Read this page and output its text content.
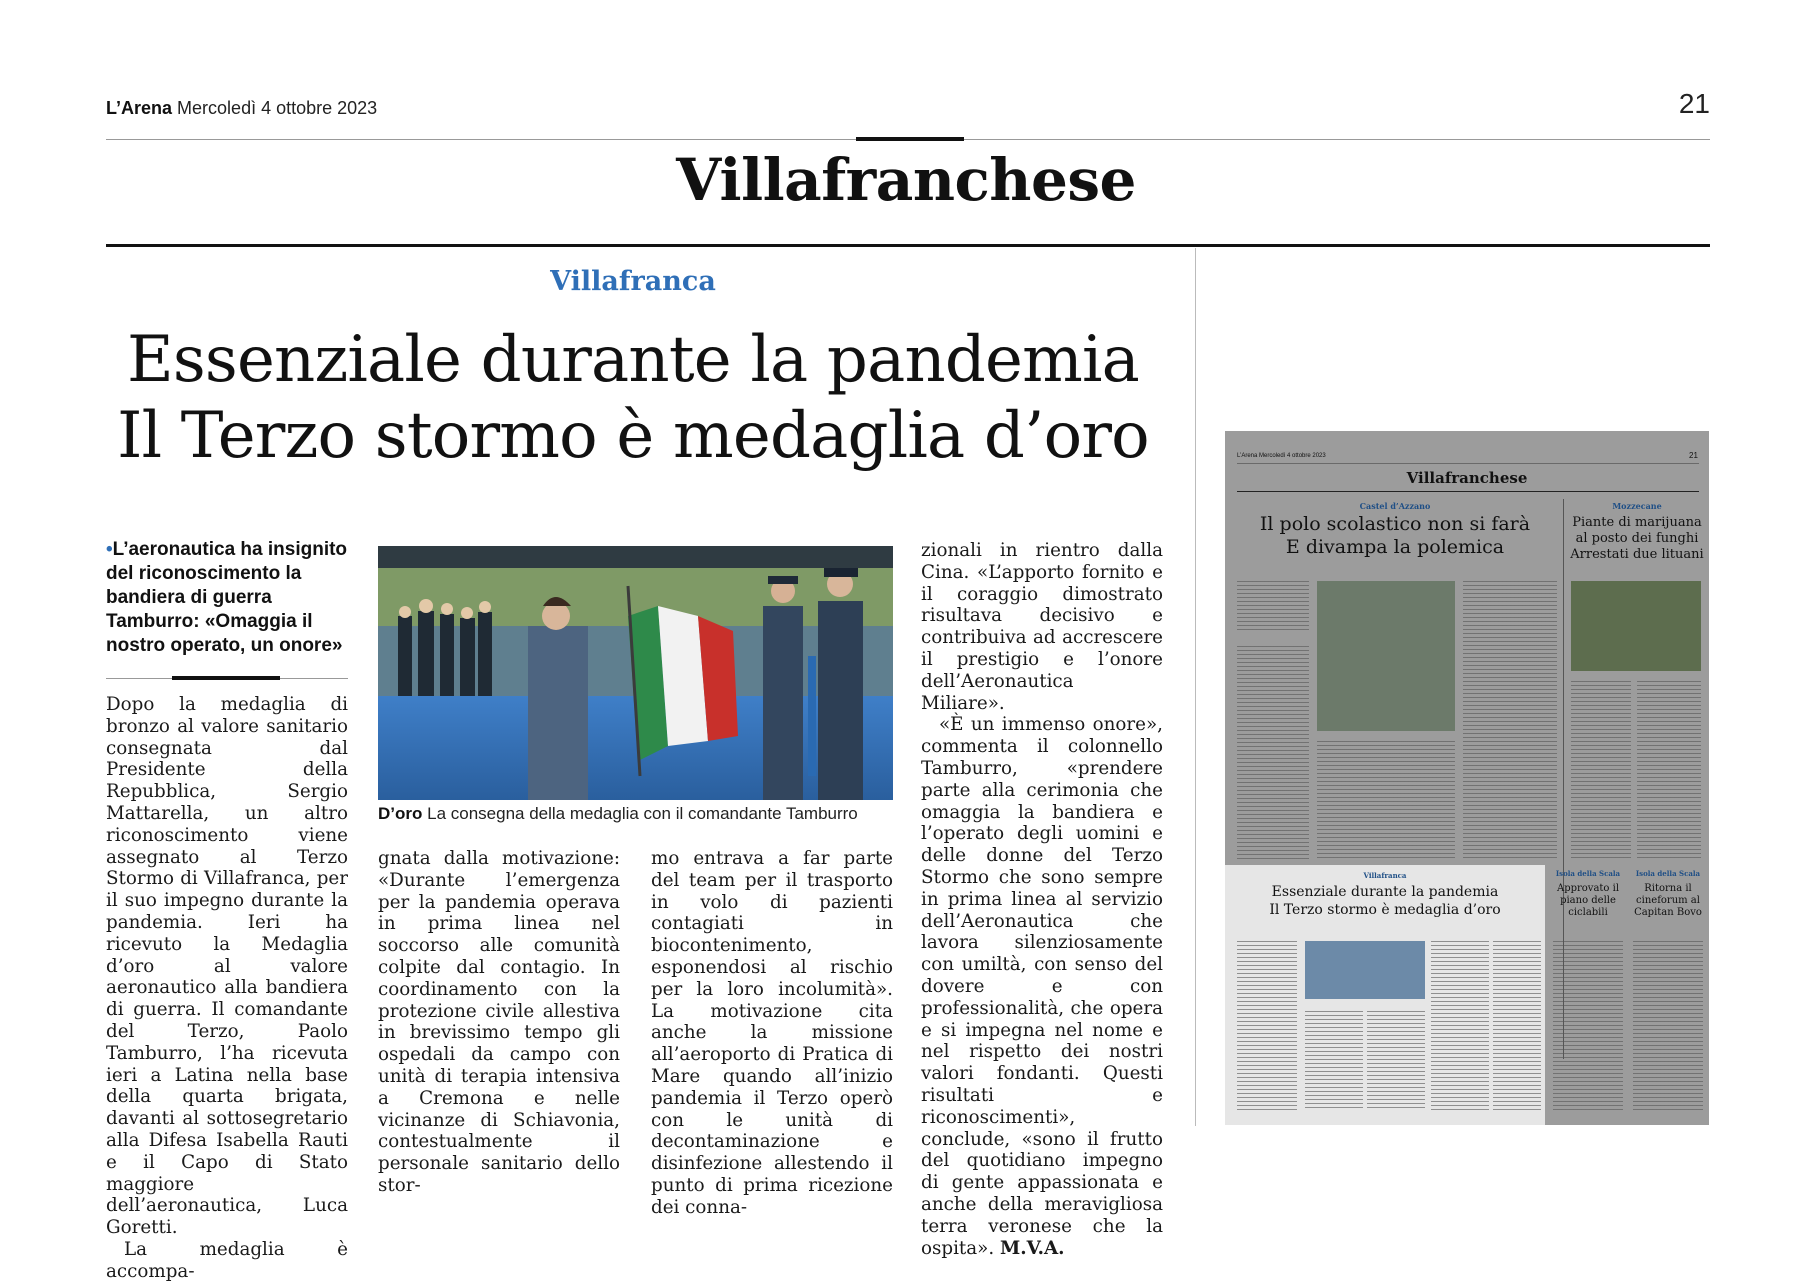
L’Arena Mercoledì 4 ottobre 2023	21
Villafranchese
Villafranca
Essenziale durante la pandemia
Il Terzo stormo è medaglia d’oro
•L’aeronautica ha insignito del riconoscimento la bandiera di guerra Tamburro: «Omaggia il nostro operato, un onore»

Dopo la medaglia di bronzo al valore sanitario consegnata dal Presidente della Repubblica, Sergio Mattarella, un altro riconoscimento viene assegnato al Terzo Stormo di Villafranca, per il suo impegno durante la pandemia. Ieri ha ricevuto la Medaglia d’oro al valore aeronautico alla bandiera di guerra. Il comandante del Terzo, Paolo Tamburro, l’ha ricevuta ieri a Latina nella base della quarta brigata, davanti al sottosegretario alla Difesa Isabella Rauti e il Capo di Stato maggiore dell’aeronautica, Luca Goretti.

La medaglia è accompa-

D’oro La consegna della medaglia con il comandante Tamburro

gnata dalla motivazione: «Durante l’emergenza per la pandemia operava in prima linea nel soccorso alle comunità colpite dal contagio. In coordinamento con la protezione civile allestiva in brevissimo tempo gli ospedali da campo con unità di terapia intensiva a Cremona e nelle vicinanze di Schiavonia, contestualmente il personale sanitario dello stor-

mo entrava a far parte del team per il trasporto in volo di pazienti contagiati in biocontenimento, esponendosi al rischio per la loro incolumità». La motivazione cita anche la missione all’aeroporto di Pratica di Mare quando all’inizio pandemia il Terzo operò con le unità di decontaminazione e disinfezione allestendo il punto di prima ricezione dei conna-

zionali in rientro dalla Cina. «L’apporto fornito e il coraggio dimostrato risultava decisivo e contribuiva ad accrescere il prestigio e l’onore dell’Aeronautica Miliare».

«È un immenso onore», commenta il colonnello Tamburro, «prendere parte alla cerimonia che omaggia la bandiera e l’operato degli uomini e delle donne del Terzo Stormo che sono sempre in prima linea al servizio dell’Aeronautica che lavora silenziosamente con umiltà, con senso del dovere e con professionalità, che opera e si impegna nel nome e nel rispetto dei nostri valori fondanti. Questi risultati e riconoscimenti», conclude, «sono il frutto del quotidiano impegno di gente appassionata e anche della meravigliosa terra veronese che la ospita». M.V.A.

L’Arena Mercoledì 4 ottobre 2023	21
Villafranchese
Castel d’Azzano
Il polo scolastico non si farà
E divampa la polemica
Mozzecane
Piante di marijuana
al posto dei funghi
Arrestati due lituani
Villafranca
Essenziale durante la pandemia
Il Terzo stormo è medaglia d’oro
Isola della Scala
Approvato il piano delle ciclabili
Isola della Scala
Ritorna il cineforum al Capitan Bovo
